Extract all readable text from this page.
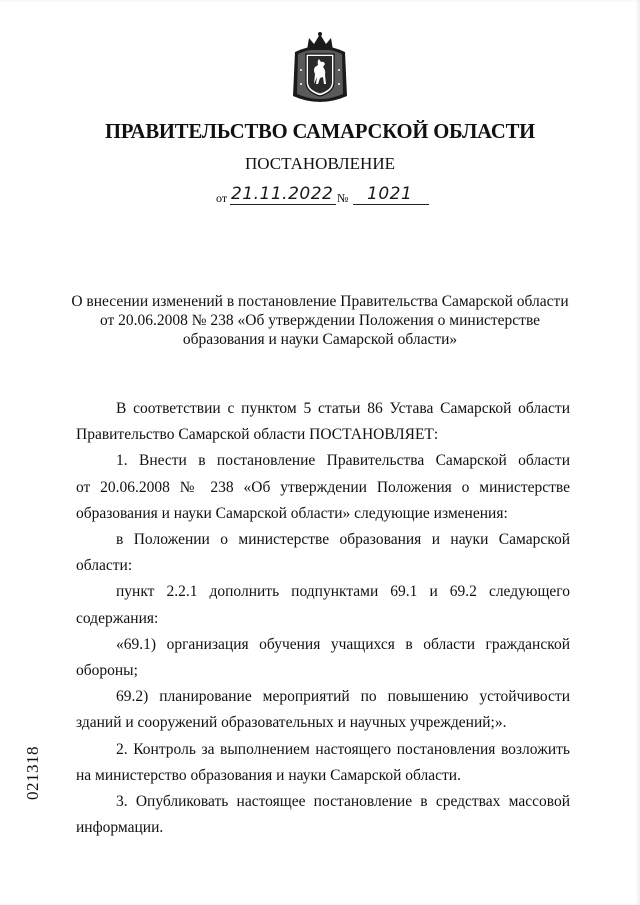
ПРАВИТЕЛЬСТВО САМАРСКОЙ ОБЛАСТИ
ПОСТАНОВЛЕНИЕ
от 21.11.2022 № 1021
О внесении изменений в постановление Правительства Самарской области
от 20.06.2008 № 238 «Об утверждении Положения о министерстве
образования и науки Самарской области»

В соответствии с пунктом 5 статьи 86 Устава Самарской области

Правительство Самарской области ПОСТАНОВЛЯЕТ:

1. Внести в постановление Правительства Самарской области

от 20.06.2008 № 238 «Об утверждении Положения о министерстве

образования и науки Самарской области» следующие изменения:

в Положении о министерстве образования и науки Самарской

области:

пункт 2.2.1 дополнить подпунктами 69.1 и 69.2 следующего

содержания:

«69.1) организация обучения учащихся в области гражданской

обороны;

69.2) планирование мероприятий по повышению устойчивости

зданий и сооружений образовательных и научных учреждений;».

2. Контроль за выполнением настоящего постановления возложить

на министерство образования и науки Самарской области.

3. Опубликовать настоящее постановление в средствах массовой

информации.

021318
